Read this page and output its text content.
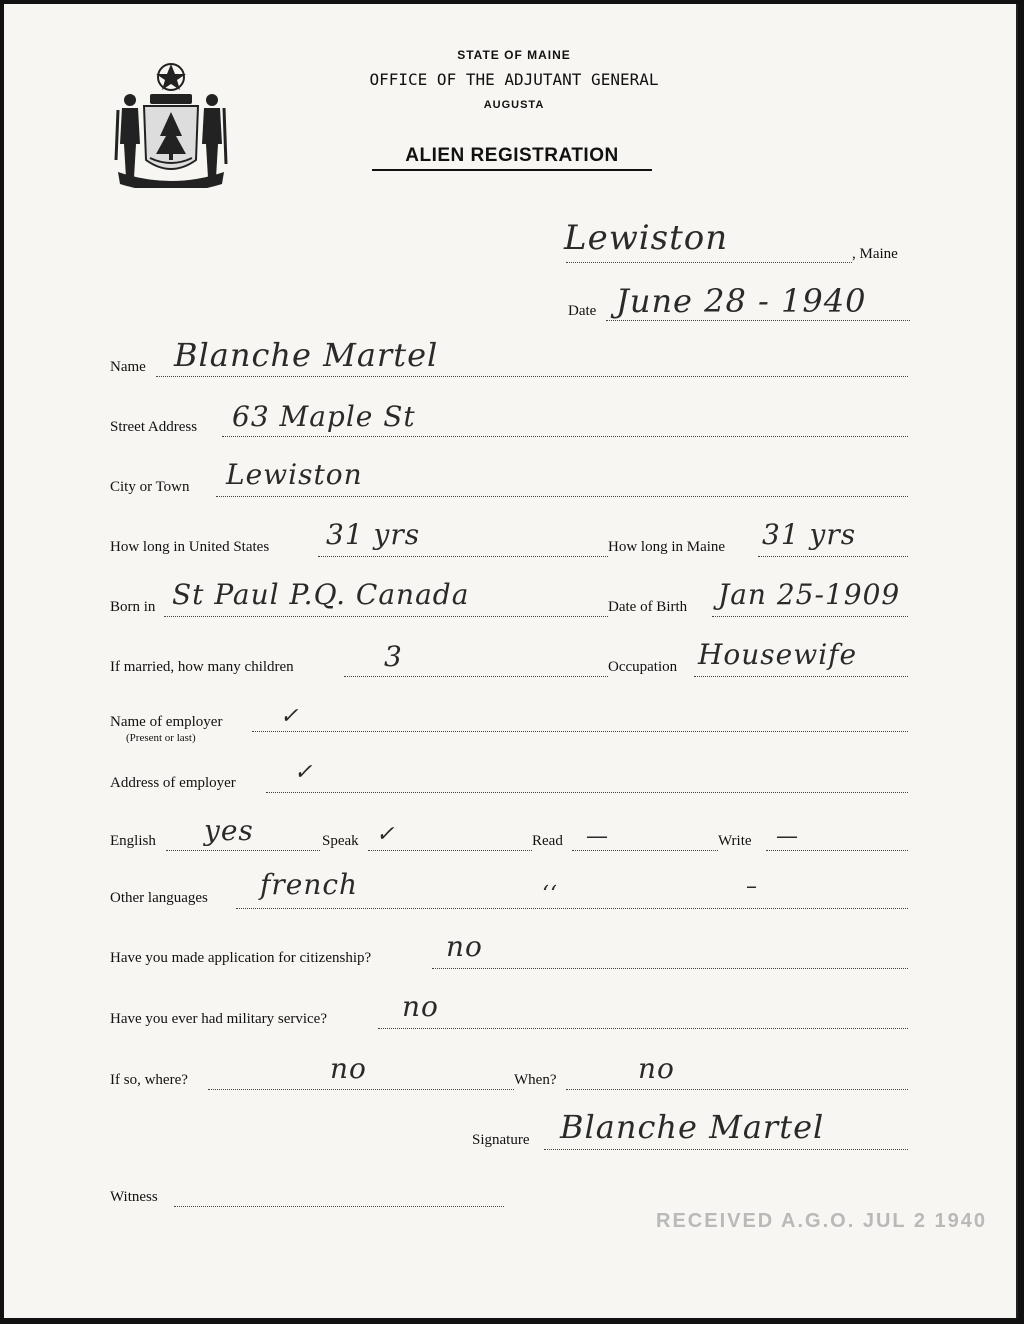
STATE OF MAINE
OFFICE OF THE ADJUTANT GENERAL
AUGUSTA
ALIEN REGISTRATION
Lewiston	, Maine
Date June 28 - 1940
Name Blanche Martel
Street Address 63 Maple St
City or Town Lewiston
How long in United States 31 yrs	How long in Maine 31 yrs
Born in St Paul P.Q. Canada	Date of Birth Jan 25-1909
If married, how many children	3	Occupation Housewife
Name of employer
(Present or last)
✓
Address of employer	✓
English yes	Speak ✓	Read —	Write —
Other languages french	‘‘	–
Have you made application for citizenship?	no
Have you ever had military service?	no
If so, where?	no	When?	no
Signature Blanche Martel
Witness
RECEIVED A.G.O. JUL 2 1940
